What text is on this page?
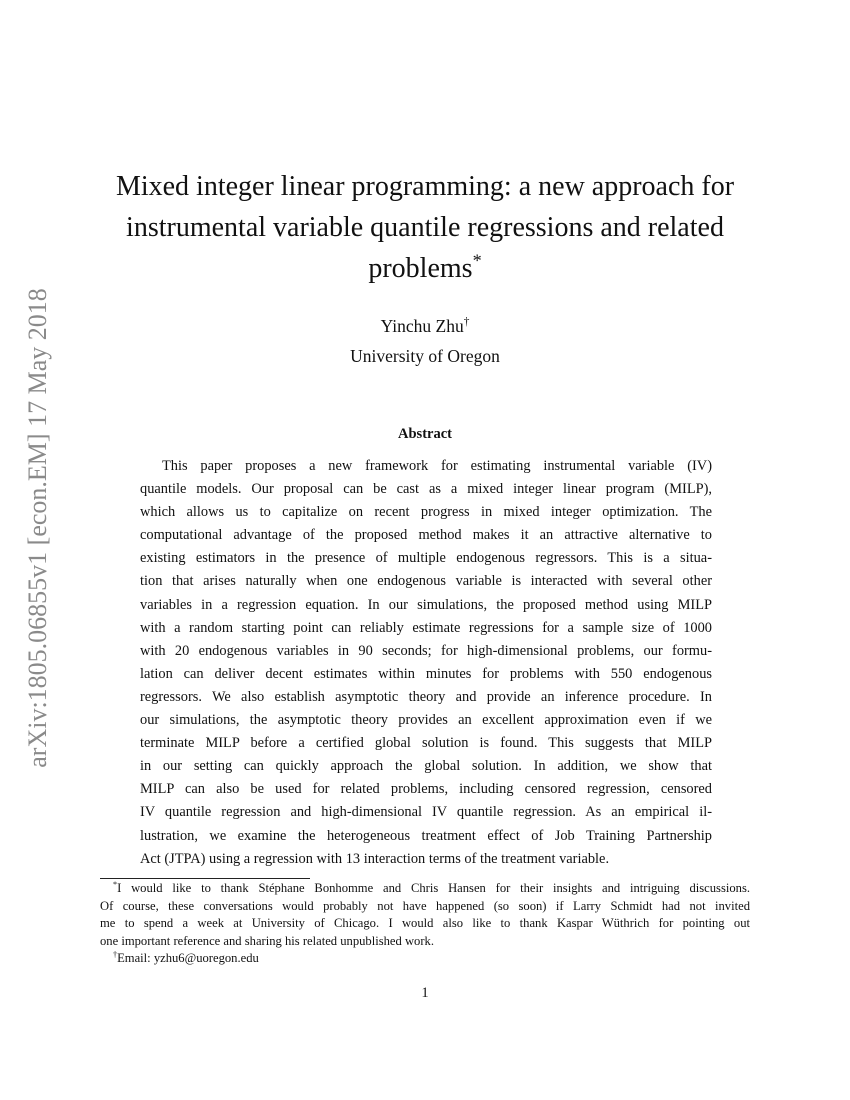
arXiv:1805.06855v1 [econ.EM] 17 May 2018
Mixed integer linear programming: a new approach for
instrumental variable quantile regressions and related
problems*
Yinchu Zhu†
University of Oregon
Abstract
This paper proposes a new framework for estimating instrumental variable (IV)
quantile models. Our proposal can be cast as a mixed integer linear program (MILP),
which allows us to capitalize on recent progress in mixed integer optimization. The
computational advantage of the proposed method makes it an attractive alternative to
existing estimators in the presence of multiple endogenous regressors. This is a situa-
tion that arises naturally when one endogenous variable is interacted with several other
variables in a regression equation. In our simulations, the proposed method using MILP
with a random starting point can reliably estimate regressions for a sample size of 1000
with 20 endogenous variables in 90 seconds; for high-dimensional problems, our formu-
lation can deliver decent estimates within minutes for problems with 550 endogenous
regressors. We also establish asymptotic theory and provide an inference procedure. In
our simulations, the asymptotic theory provides an excellent approximation even if we
terminate MILP before a certified global solution is found. This suggests that MILP
in our setting can quickly approach the global solution. In addition, we show that
MILP can also be used for related problems, including censored regression, censored
IV quantile regression and high-dimensional IV quantile regression. As an empirical il-
lustration, we examine the heterogeneous treatment effect of Job Training Partnership
Act (JTPA) using a regression with 13 interaction terms of the treatment variable.
*I would like to thank Stéphane Bonhomme and Chris Hansen for their insights and intriguing discussions.
Of course, these conversations would probably not have happened (so soon) if Larry Schmidt had not invited
me to spend a week at University of Chicago. I would also like to thank Kaspar Wüthrich for pointing out
one important reference and sharing his related unpublished work.
†Email: yzhu6@uoregon.edu
1
